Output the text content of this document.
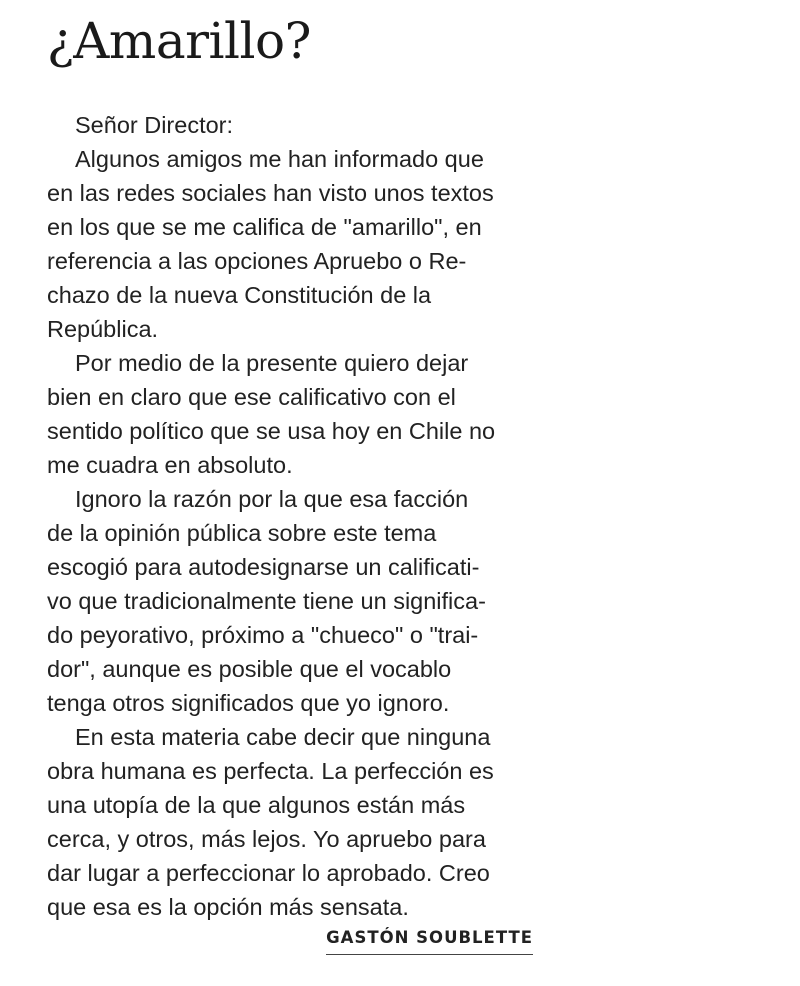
¿Amarillo?
Señor Director:
Algunos amigos me han informado que
en las redes sociales han visto unos textos
en los que se me califica de "amarillo", en
referencia a las opciones Apruebo o Re-
chazo de la nueva Constitución de la
República.
Por medio de la presente quiero dejar
bien en claro que ese calificativo con el
sentido político que se usa hoy en Chile no
me cuadra en absoluto.
Ignoro la razón por la que esa facción
de la opinión pública sobre este tema
escogió para autodesignarse un calificati-
vo que tradicionalmente tiene un significa-
do peyorativo, próximo a "chueco" o "trai-
dor", aunque es posible que el vocablo
tenga otros significados que yo ignoro.
En esta materia cabe decir que ninguna
obra humana es perfecta. La perfección es
una utopía de la que algunos están más
cerca, y otros, más lejos. Yo apruebo para
dar lugar a perfeccionar lo aprobado. Creo
que esa es la opción más sensata.
GASTÓN SOUBLETTE
